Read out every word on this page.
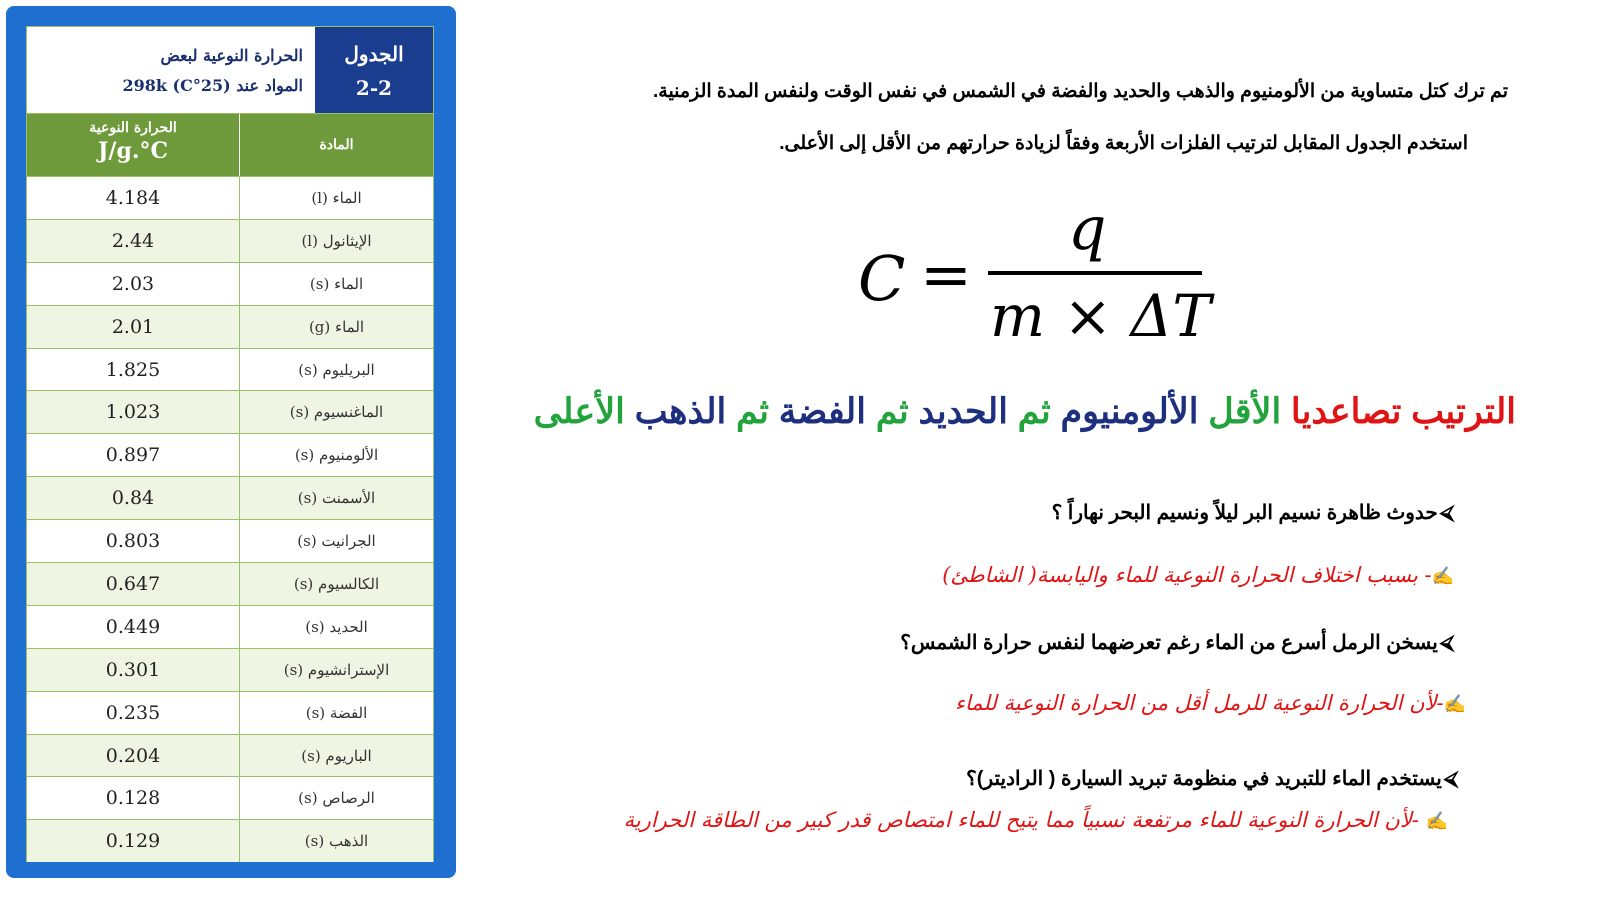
الحرارة النوعية لبعض
المواد عند (25°C) 298k
الجدول
2-2
الحرارة النوعية
J/g.°C	المادة
4.184	الماء (l)
2.44	الإيثانول (l)
2.03	الماء (s)
2.01	الماء (g)
1.825	البريليوم (s)
1.023	الماغنسيوم (s)
0.897	الألومنيوم (s)
0.84	الأسمنت (s)
0.803	الجرانيت (s)
0.647	الكالسيوم (s)
0.449	الحديد (s)
0.301	الإسترانشيوم (s)
0.235	الفضة (s)
0.204	الباريوم (s)
0.128	الرصاص (s)
0.129	الذهب (s)
تم ترك كتل متساوية من الألومنيوم والذهب والحديد والفضة في الشمس في نفس الوقت ولنفس المدة الزمنية.
استخدم الجدول المقابل لترتيب الفلزات الأربعة وفقاً لزيادة حرارتهم من الأقل إلى الأعلى.
C =
q
m × ΔT
الترتيب تصاعديا الأقل الألومنيوم ثم الحديد ثم الفضة ثم الذهب الأعلى
⮘حدوث ظاهرة نسيم البر ليلاً ونسيم البحر نهاراً ؟
✍- بسبب اختلاف الحرارة النوعية للماء واليابسة( الشاطئ)
⮘يسخن الرمل أسرع من الماء رغم تعرضهما لنفس حرارة الشمس؟
✍-لأن الحرارة النوعية للرمل أقل من الحرارة النوعية للماء
⮘يستخدم الماء للتبريد في منظومة تبريد السيارة ( الراديتر)؟
✍ -لأن الحرارة النوعية للماء مرتفعة نسبياً مما يتيح للماء امتصاص قدر كبير من الطاقة الحرارية
